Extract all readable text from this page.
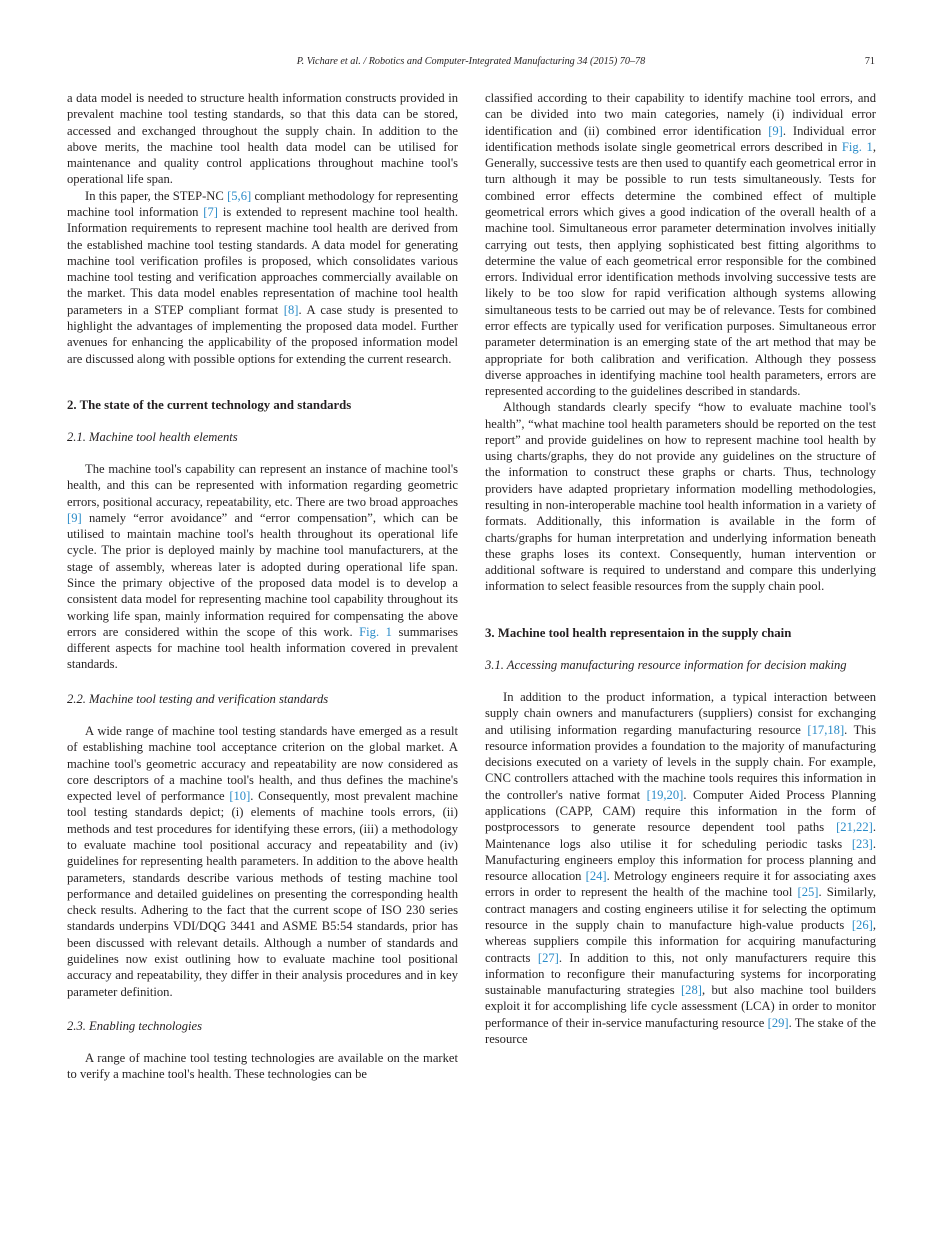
P. Vichare et al. / Robotics and Computer-Integrated Manufacturing 34 (2015) 70–78	71

a data model is needed to structure health information constructs provided in prevalent machine tool testing standards, so that this data can be stored, accessed and exchanged throughout the supply chain. In addition to the above merits, the machine tool health data model can be utilised for maintenance and quality control applications throughout machine tool's operational life span.

In this paper, the STEP-NC [5,6] compliant methodology for representing machine tool information [7] is extended to represent machine tool health. Information requirements to represent machine tool health are derived from the established machine tool testing standards. A data model for generating machine tool verification profiles is proposed, which consolidates various machine tool testing and verification approaches commercially available on the market. This data model enables representation of machine tool health parameters in a STEP compliant format [8]. A case study is presented to highlight the advantages of implementing the proposed data model. Further avenues for enhancing the applicability of the proposed information model are discussed along with possible options for extending the current research.

2. The state of the current technology and standards
2.1. Machine tool health elements

The machine tool's capability can represent an instance of machine tool's health, and this can be represented with information regarding geometric errors, positional accuracy, repeatability, etc. There are two broad approaches [9] namely “error avoidance” and “error compensation”, which can be utilised to maintain machine tool's health throughout its operational life cycle. The prior is deployed mainly by machine tool manufacturers, at the stage of assembly, whereas later is adopted during operational life span. Since the primary objective of the proposed data model is to develop a consistent data model for representing machine tool capability throughout its working life span, mainly information required for compensating the above errors are considered within the scope of this work. Fig. 1 summarises different aspects for machine tool health information covered in prevalent standards.

2.2. Machine tool testing and verification standards

A wide range of machine tool testing standards have emerged as a result of establishing machine tool acceptance criterion on the global market. A machine tool's geometric accuracy and repeatability are now considered as core descriptors of a machine tool's health, and thus defines the machine's expected level of performance [10]. Consequently, most prevalent machine tool testing standards depict; (i) elements of machine tools errors, (ii) methods and test procedures for identifying these errors, (iii) a methodology to evaluate machine tool positional accuracy and repeatability and (iv) guidelines for representing health parameters. In addition to the above health parameters, standards describe various methods of testing machine tool performance and detailed guidelines on presenting the corresponding health check results. Adhering to the fact that the current scope of ISO 230 series standards underpins VDI/DQG 3441 and ASME B5:54 standards, prior has been discussed with relevant details. Although a number of standards and guidelines now exist outlining how to evaluate machine tool positional accuracy and repeatability, they differ in their analysis procedures and in key parameter definition.

2.3. Enabling technologies

A range of machine tool testing technologies are available on the market to verify a machine tool's health. These technologies can be

classified according to their capability to identify machine tool errors, and can be divided into two main categories, namely (i) individual error identification and (ii) combined error identification [9]. Individual error identification methods isolate single geometrical errors described in Fig. 1, Generally, successive tests are then used to quantify each geometrical error in turn although it may be possible to run tests simultaneously. Tests for combined error effects determine the combined effect of multiple geometrical errors which gives a good indication of the overall health of a machine tool. Simultaneous error parameter determination involves initially carrying out tests, then applying sophisticated best fitting algorithms to determine the value of each geometrical error responsible for the combined errors. Individual error identification methods involving successive tests are likely to be too slow for rapid verification although systems allowing simultaneous tests to be carried out may be of relevance. Tests for combined error effects are typically used for verification purposes. Simultaneous error parameter determination is an emerging state of the art method that may be appropriate for both calibration and verification. Although they possess diverse approaches in identifying machine tool health parameters, errors are represented according to the guidelines described in standards.

Although standards clearly specify “how to evaluate machine tool's health”, “what machine tool health parameters should be reported on the test report” and provide guidelines on how to represent machine tool health by using charts/graphs, they do not provide any guidelines on the structure of the information to construct these graphs or charts. Thus, technology providers have adapted proprietary information modelling methodologies, resulting in non-interoperable machine tool health information in a variety of formats. Additionally, this information is available in the form of charts/graphs for human interpretation and underlying information beneath these graphs loses its context. Consequently, human intervention or additional software is required to understand and compare this underlying information to select feasible resources from the supply chain pool.

3. Machine tool health representaion in the supply chain
3.1. Accessing manufacturing resource information for decision making

In addition to the product information, a typical interaction between supply chain owners and manufacturers (suppliers) consist for exchanging and utilising information regarding manufacturing resource [17,18]. This resource information provides a foundation to the majority of manufacturing decisions executed on a variety of levels in the supply chain. For example, CNC controllers attached with the machine tools requires this information in the controller's native format [19,20]. Computer Aided Process Planning applications (CAPP, CAM) require this information in the form of postprocessors to generate resource dependent tool paths [21,22]. Maintenance logs also utilise it for scheduling periodic tasks [23]. Manufacturing engineers employ this information for process planning and resource allocation [24]. Metrology engineers require it for associating axes errors in order to represent the health of the machine tool [25]. Similarly, contract managers and costing engineers utilise it for selecting the optimum resource in the supply chain to manufacture high-value products [26], whereas suppliers compile this information for acquiring manufacturing contracts [27]. In addition to this, not only manufacturers require this information to reconfigure their manufacturing systems for incorporating sustainable manufacturing strategies [28], but also machine tool builders exploit it for accomplishing life cycle assessment (LCA) in order to monitor performance of their in-service manufacturing resource [29]. The stake of the resource
